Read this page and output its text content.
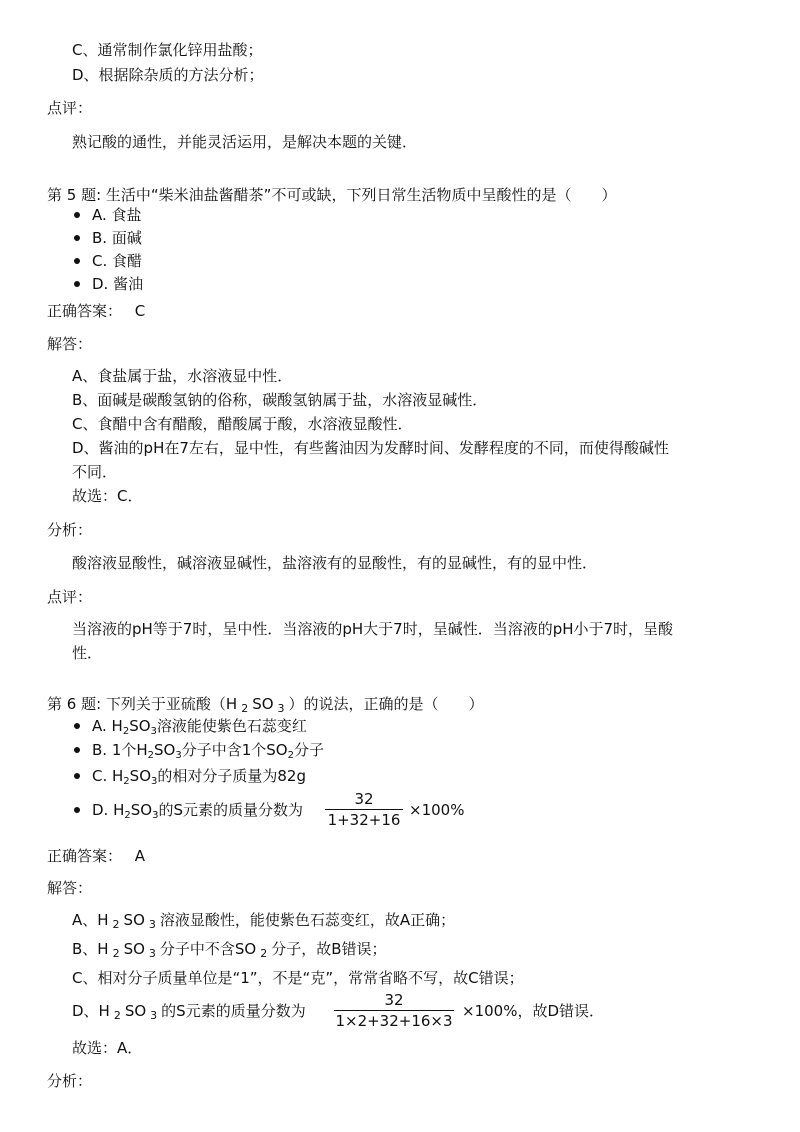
C、通常制作氯化锌用盐酸；
D、根据除杂质的方法分析；
点评：
熟记酸的通性，并能灵活运用，是解决本题的关键．
第 5 题: 生活中“柴米油盐酱醋茶”不可或缺，下列日常生活物质中呈酸性的是（　　）
A. 食盐
B. 面碱
C. 食醋
D. 酱油
正确答案： C
解答：
A、食盐属于盐，水溶液显中性．
B、面碱是碳酸氢钠的俗称，碳酸氢钠属于盐，水溶液显碱性．
C、食醋中含有醋酸，醋酸属于酸，水溶液显酸性．
D、酱油的pH在7左右，显中性，有些酱油因为发酵时间、发酵程度的不同，而使得酸碱性
不同．
故选：C．
分析：
酸溶液显酸性，碱溶液显碱性，盐溶液有的显酸性，有的显碱性，有的显中性．
点评：
当溶液的pH等于7时，呈中性．当溶液的pH大于7时，呈碱性．当溶液的pH小于7时，呈酸
性．
第 6 题: 下列关于亚硫酸（H $_2$ SO $_3$ ）的说法，正确的是（　　）
A. $H_2SO_3$溶液能使紫色石蕊变红
B. 1个$H_2SO_3$分子中含1个$SO_2$分子
C. $H_2SO_3$的相对分子质量为82g
D. $H_2SO_3$的S元素的质量分数为
32
1+32+16
×100%
正确答案： A
解答：
A、H $_2$ SO $_3$ 溶液显酸性，能使紫色石蕊变红，故A正确；
B、H $_2$ SO $_3$ 分子中不含SO $_2$ 分子，故B错误；
C、相对分子质量单位是“1”，不是“克”，常常省略不写，故C错误；
D、H $_2$ SO $_3$ 的S元素的质量分数为
32
1×2+32+16×3
×100%，故D错误．
故选：A．
分析：
